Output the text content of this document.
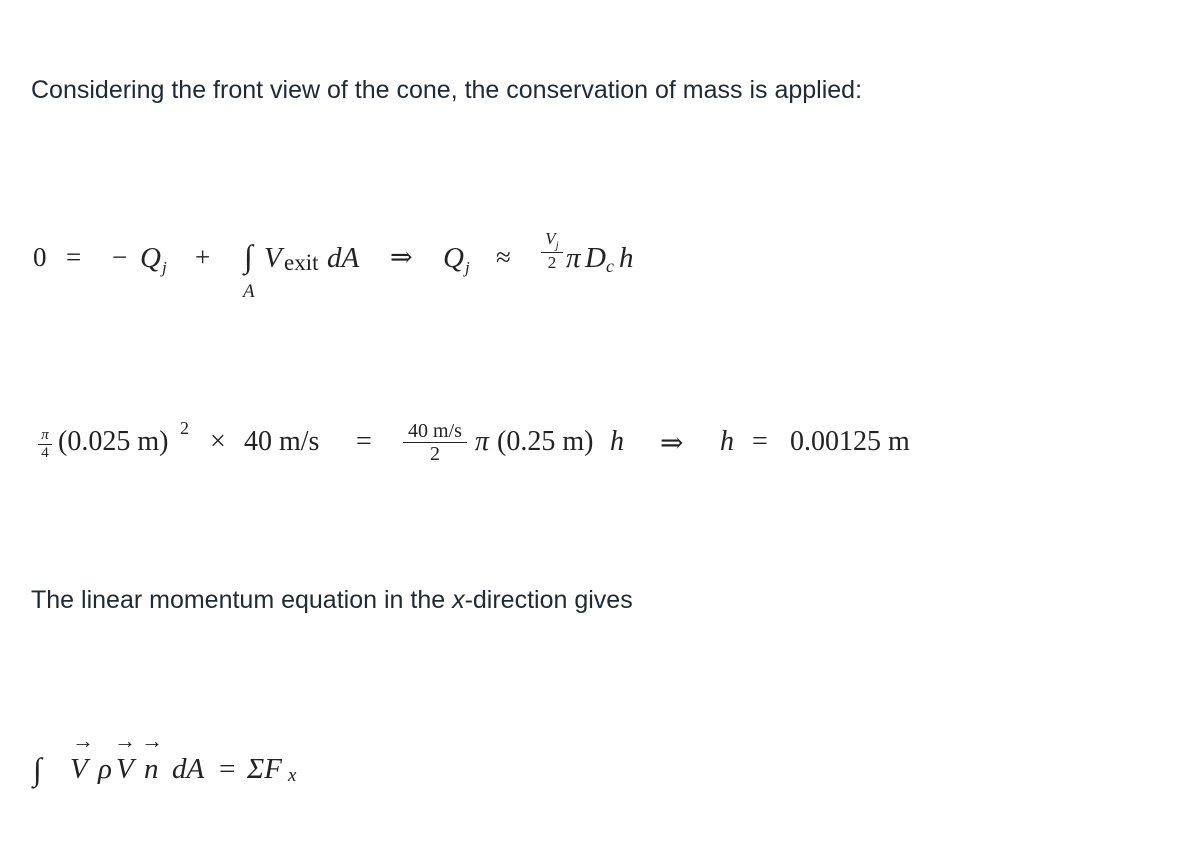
Considering the front view of the cone, the conservation of mass is applied:
0 = − Q j + ∫
A
V exit dA ⇒ Q j ≈
$V_j$
2 π D c h
π
4 (0.025 m) 2 × 40 m/s = 40 m/s
2	π (0.25 m) h ⇒ h = 0.00125 m
The linear momentum equation in the x-direction gives
∫
→
V ρ
→
V
→
n dA = ΣF x
